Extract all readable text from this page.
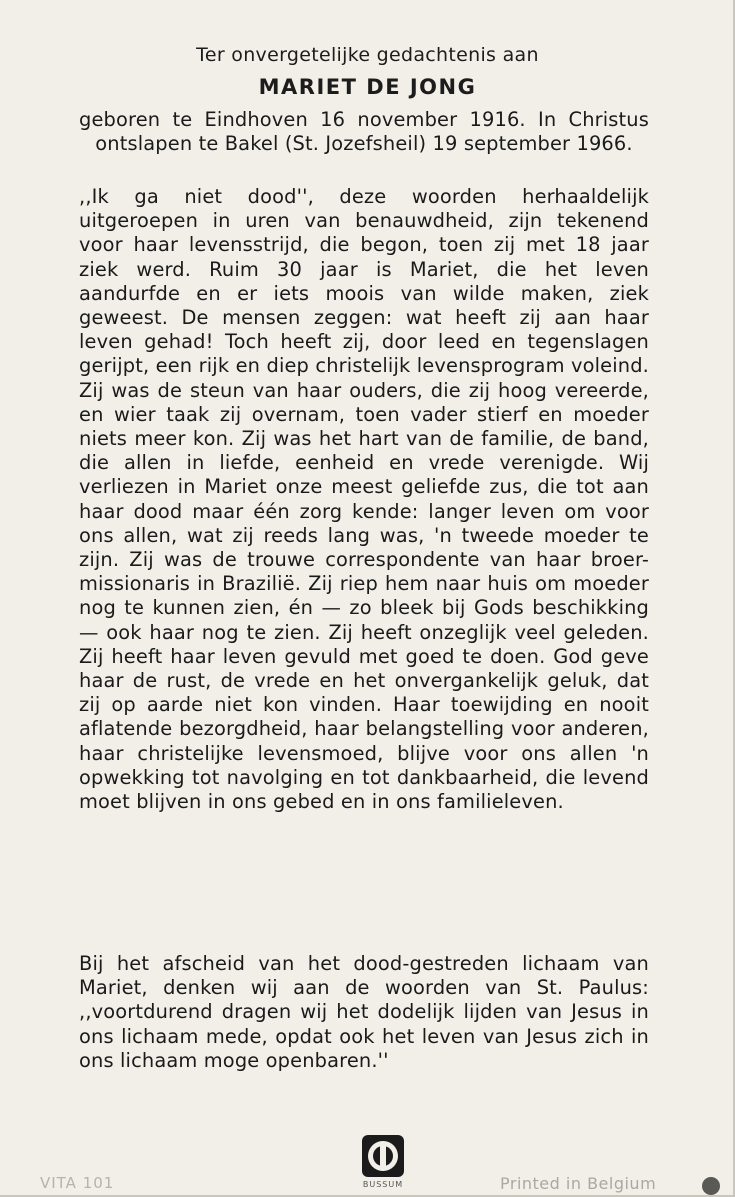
Ter onvergetelijke gedachtenis aan
MARIET DE JONG
geboren te Eindhoven 16 november 1916. In Christus ontslapen te Bakel (St. Jozefsheil) 19 september 1966.
,,Ik ga niet dood'', deze woorden herhaaldelijk uitgeroepen in uren van benauwdheid, zijn tekenend voor haar levensstrijd, die begon, toen zij met 18 jaar ziek werd. Ruim 30 jaar is Mariet, die het leven aandurfde en er iets moois van wilde maken, ziek geweest. De mensen zeggen: wat heeft zij aan haar leven gehad! Toch heeft zij, door leed en tegenslagen gerijpt, een rijk en diep christelijk levensprogram voleind. Zij was de steun van haar ouders, die zij hoog vereerde, en wier taak zij overnam, toen vader stierf en moeder niets meer kon. Zij was het hart van de familie, de band, die allen in liefde, eenheid en vrede verenigde. Wij verliezen in Mariet onze meest geliefde zus, die tot aan haar dood maar één zorg kende: langer leven om voor ons allen, wat zij reeds lang was, 'n tweede moeder te zijn. Zij was de trouwe correspondente van haar broer-missionaris in Brazilië. Zij riep hem naar huis om moeder nog te kunnen zien, én — zo bleek bij Gods beschikking — ook haar nog te zien. Zij heeft onzeglijk veel geleden. Zij heeft haar leven gevuld met goed te doen. God geve haar de rust, de vrede en het onvergankelijk geluk, dat zij op aarde niet kon vinden. Haar toewijding en nooit aflatende bezorgdheid, haar belangstelling voor anderen, haar christelijke levensmoed, blijve voor ons allen 'n opwekking tot navolging en tot dankbaarheid, die levend moet blijven in ons gebed en in ons familieleven.
Bij het afscheid van het dood-gestreden lichaam van Mariet, denken wij aan de woorden van St. Paulus: ,,voortdurend dragen wij het dodelijk lijden van Jesus in ons lichaam mede, opdat ook het leven van Jesus zich in ons lichaam moge openbaren.''
BUSSUM
VITA 101	Printed in Belgium
